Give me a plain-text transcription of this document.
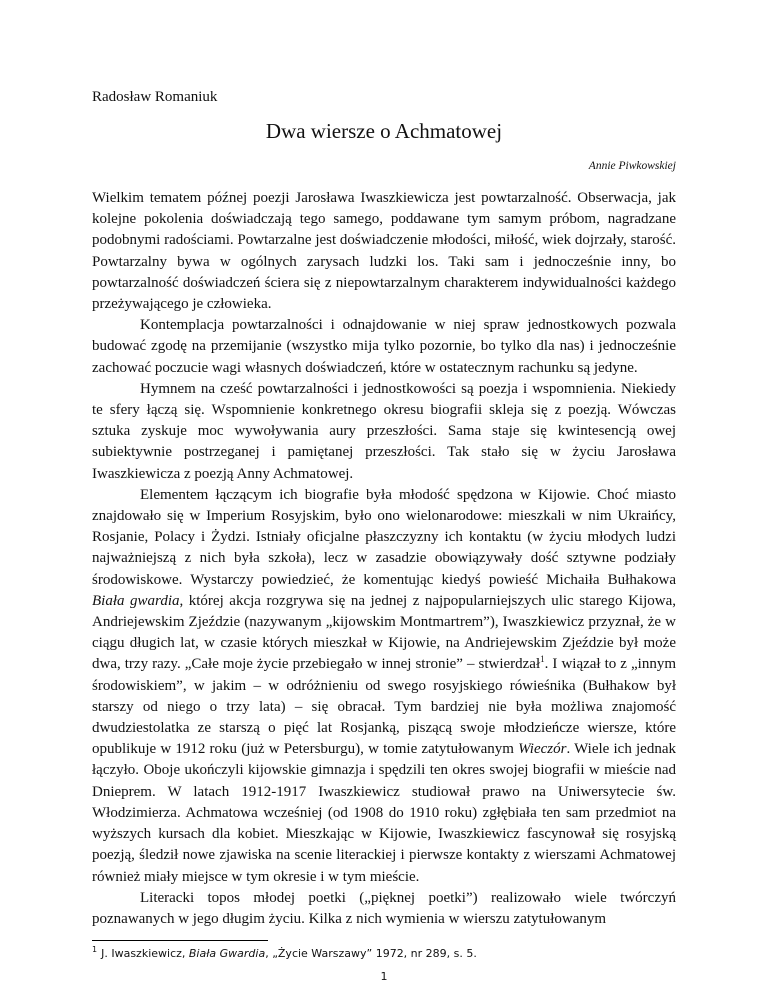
Radosław Romaniuk
Dwa wiersze o Achmatowej
Annie Piwkowskiej

Wielkim tematem późnej poezji Jarosława Iwaszkiewicza jest powtarzalność. Obserwacja, jak kolejne pokolenia doświadczają tego samego, poddawane tym samym próbom, nagradzane podobnymi radościami. Powtarzalne jest doświadczenie młodości, miłość, wiek dojrzały, starość. Powtarzalny bywa w ogólnych zarysach ludzki los. Taki sam i jednocześnie inny, bo powtarzalność doświadczeń ściera się z niepowtarzalnym charakterem indywidualności każdego przeżywającego je człowieka.

Kontemplacja powtarzalności i odnajdowanie w niej spraw jednostkowych pozwala budować zgodę na przemijanie (wszystko mija tylko pozornie, bo tylko dla nas) i jednocześnie zachować poczucie wagi własnych doświadczeń, które w ostatecznym rachunku są jedyne.

Hymnem na cześć powtarzalności i jednostkowości są poezja i wspomnienia. Niekiedy te sfery łączą się. Wspomnienie konkretnego okresu biografii skleja się z poezją. Wówczas sztuka zyskuje moc wywoływania aury przeszłości. Sama staje się kwintesencją owej subiektywnie postrzeganej i pamiętanej przeszłości. Tak stało się w życiu Jarosława Iwaszkiewicza z poezją Anny Achmatowej.

Elementem łączącym ich biografie była młodość spędzona w Kijowie. Choć miasto znajdowało się w Imperium Rosyjskim, było ono wielonarodowe: mieszkali w nim Ukraińcy, Rosjanie, Polacy i Żydzi. Istniały oficjalne płaszczyzny ich kontaktu (w życiu młodych ludzi najważniejszą z nich była szkoła), lecz w zasadzie obowiązywały dość sztywne podziały środowiskowe. Wystarczy powiedzieć, że komentując kiedyś powieść Michaiła Bułhakowa Biała gwardia, której akcja rozgrywa się na jednej z najpopularniejszych ulic starego Kijowa, Andriejewskim Zjeździe (nazywanym „kijowskim Montmartrem”), Iwaszkiewicz przyznał, że w ciągu długich lat, w czasie których mieszkał w Kijowie, na Andriejewskim Zjeździe był może dwa, trzy razy. „Całe moje życie przebiegało w innej stronie” – stwierdzał$^1$. I wiązał to z „innym środowiskiem”, w jakim – w odróżnieniu od swego rosyjskiego rówieśnika (Bułhakow był starszy od niego o trzy lata) – się obracał. Tym bardziej nie była możliwa znajomość dwudziestolatka ze starszą o pięć lat Rosjanką, piszącą swoje młodzieńcze wiersze, które opublikuje w 1912 roku (już w Petersburgu), w tomie zatytułowanym Wieczór. Wiele ich jednak łączyło. Oboje ukończyli kijowskie gimnazja i spędzili ten okres swojej biografii w mieście nad Dnieprem. W latach 1912-1917 Iwaszkiewicz studiował prawo na Uniwersytecie św. Włodzimierza. Achmatowa wcześniej (od 1908 do 1910 roku) zgłębiała ten sam przedmiot na wyższych kursach dla kobiet. Mieszkając w Kijowie, Iwaszkiewicz fascynował się rosyjską poezją, śledził nowe zjawiska na scenie literackiej i pierwsze kontakty z wierszami Achmatowej również miały miejsce w tym okresie i w tym mieście.

Literacki topos młodej poetki („pięknej poetki”) realizowało wiele twórczyń poznawanych w jego długim życiu. Kilka z nich wymienia w wierszu zatytułowanym

$^1$ J. Iwaszkiewicz, Biała Gwardia, „Życie Warszawy” 1972, nr 289, s. 5.
1
